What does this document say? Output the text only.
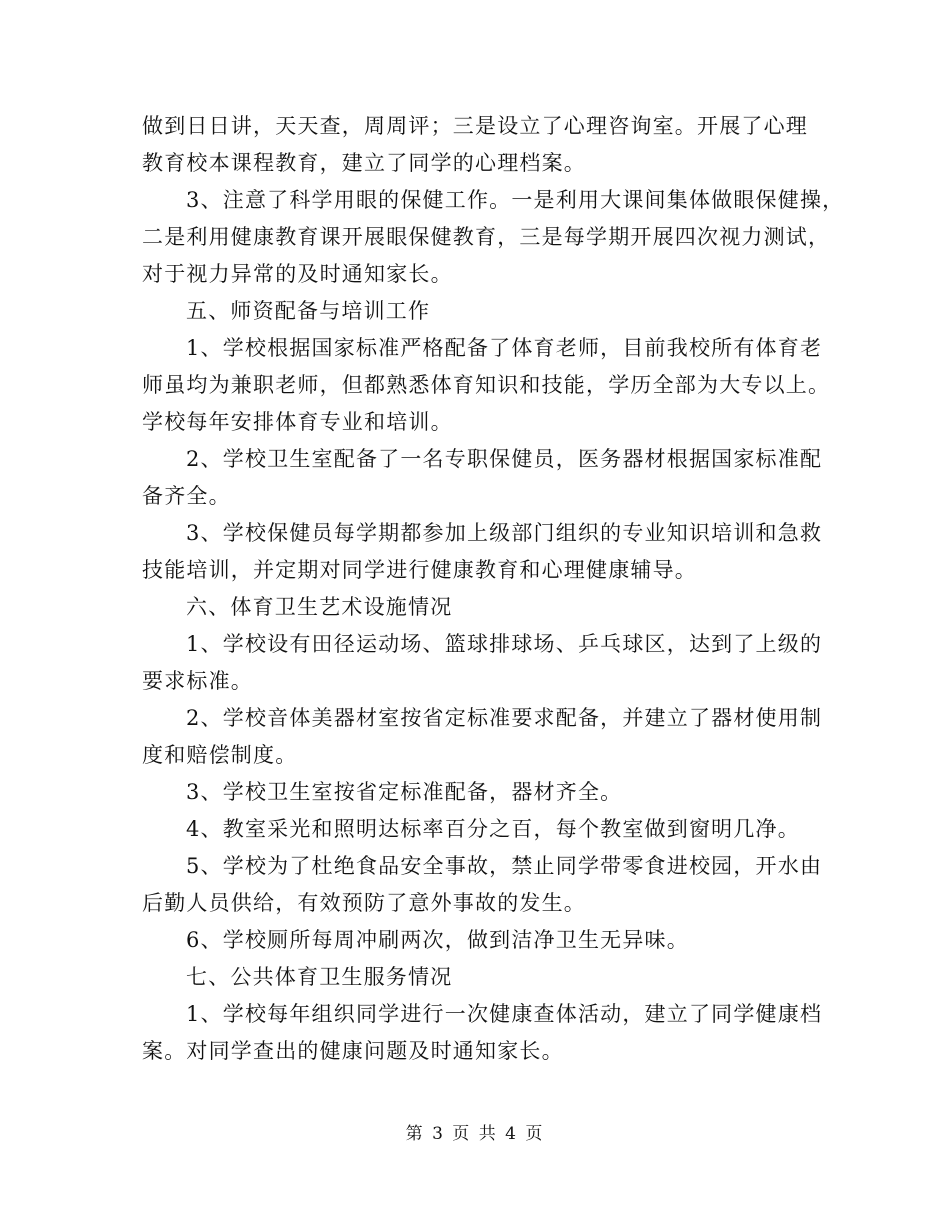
做到日日讲，天天查，周周评；三是设立了心理咨询室。开展了心理
教育校本课程教育，建立了同学的心理档案。
3、注意了科学用眼的保健工作。一是利用大课间集体做眼保健操，
二是利用健康教育课开展眼保健教育，三是每学期开展四次视力测试，
对于视力异常的及时通知家长。
五、师资配备与培训工作
1、学校根据国家标准严格配备了体育老师，目前我校所有体育老
师虽均为兼职老师，但都熟悉体育知识和技能，学历全部为大专以上。
学校每年安排体育专业和培训。
2、学校卫生室配备了一名专职保健员，医务器材根据国家标准配
备齐全。
3、学校保健员每学期都参加上级部门组织的专业知识培训和急救
技能培训，并定期对同学进行健康教育和心理健康辅导。
六、体育卫生艺术设施情况
1、学校设有田径运动场、篮球排球场、乒乓球区，达到了上级的
要求标准。
2、学校音体美器材室按省定标准要求配备，并建立了器材使用制
度和赔偿制度。
3、学校卫生室按省定标准配备，器材齐全。
4、教室采光和照明达标率百分之百，每个教室做到窗明几净。
5、学校为了杜绝食品安全事故，禁止同学带零食进校园，开水由
后勤人员供给，有效预防了意外事故的发生。
6、学校厕所每周冲刷两次，做到洁净卫生无异味。
七、公共体育卫生服务情况
1、学校每年组织同学进行一次健康查体活动，建立了同学健康档
案。对同学查出的健康问题及时通知家长。
第 3 页 共 4 页
